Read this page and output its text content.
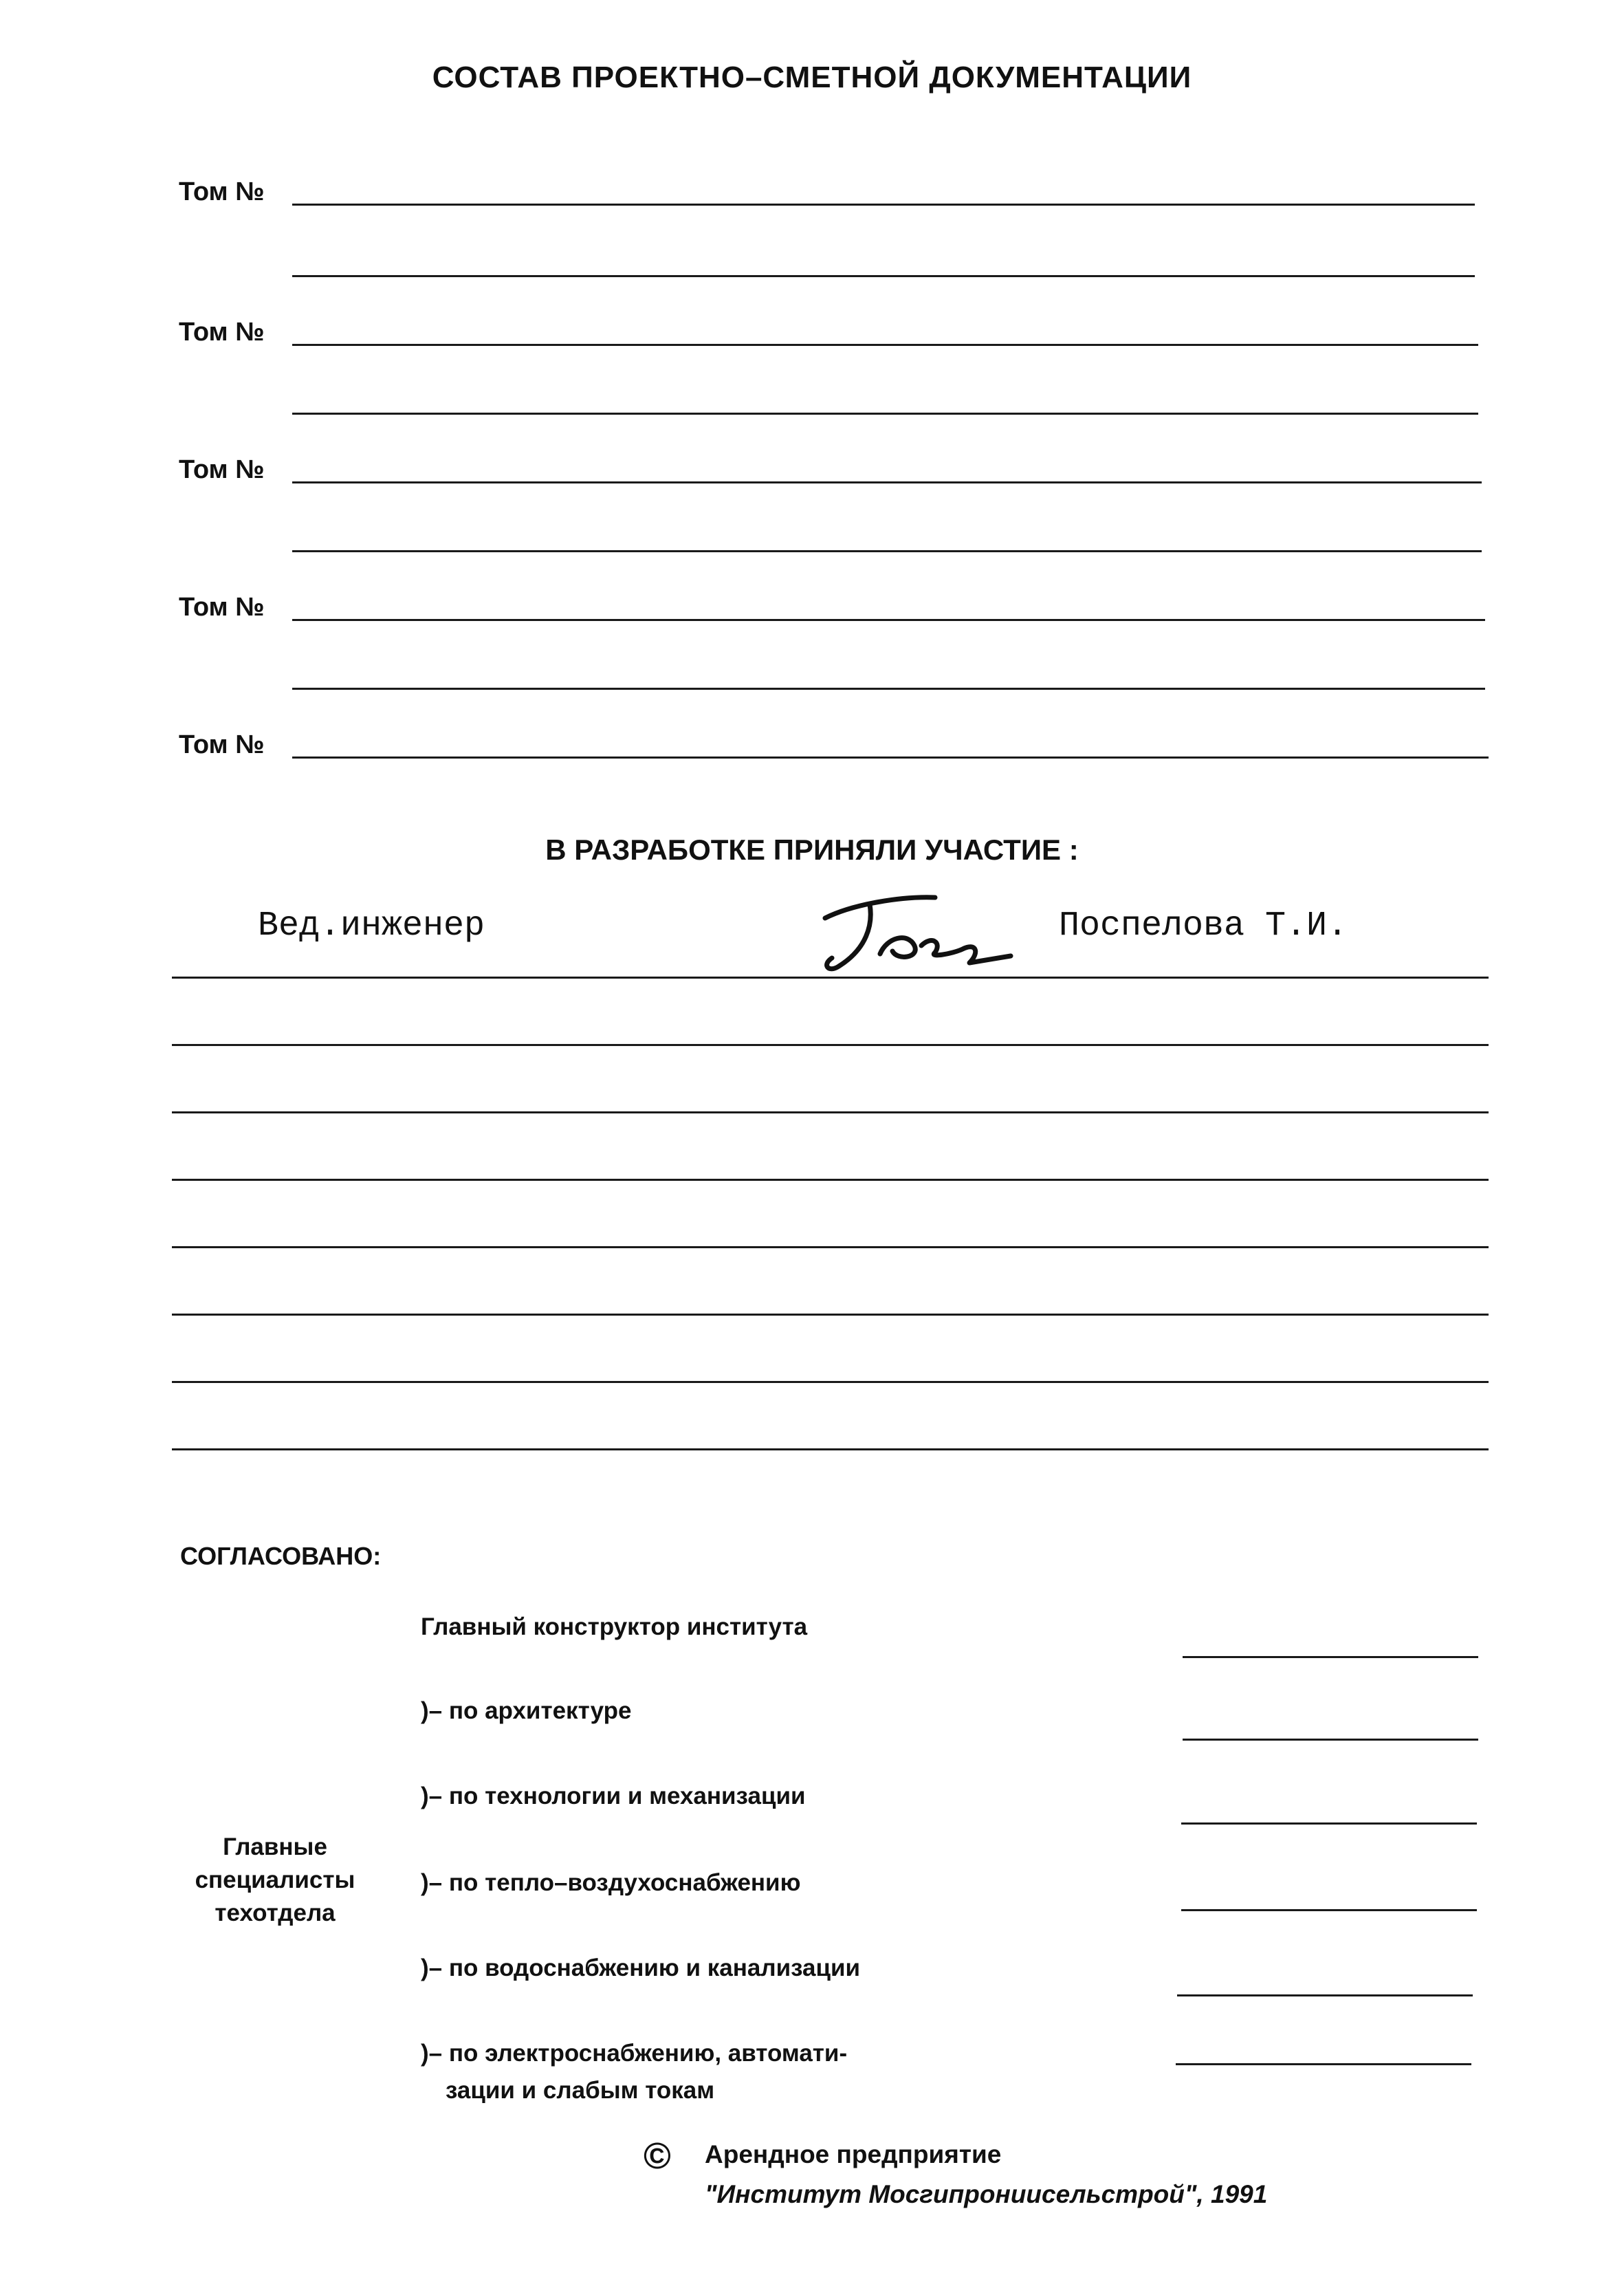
СОСТАВ ПРОЕКТНО–СМЕТНОЙ ДОКУМЕНТАЦИИ
Том №
Том №
Том №
Том №
Том №
В РАЗРАБОТКЕ ПРИНЯЛИ УЧАСТИЕ :
Вед.инженер	Поспелова Т.И.
СОГЛАСОВАНО:
Главный конструктор института
)– по архитектуре
)– по технологии и механизации
Главные
специалисты
техотдела
)– по тепло–воздухоснабжению
)– по водоснабжению и канализации
)– по электроснабжению, автомати-
зации и слабым токам
© Арендное предприятие
"Институт Мосгипрониисельстрой", 1991
